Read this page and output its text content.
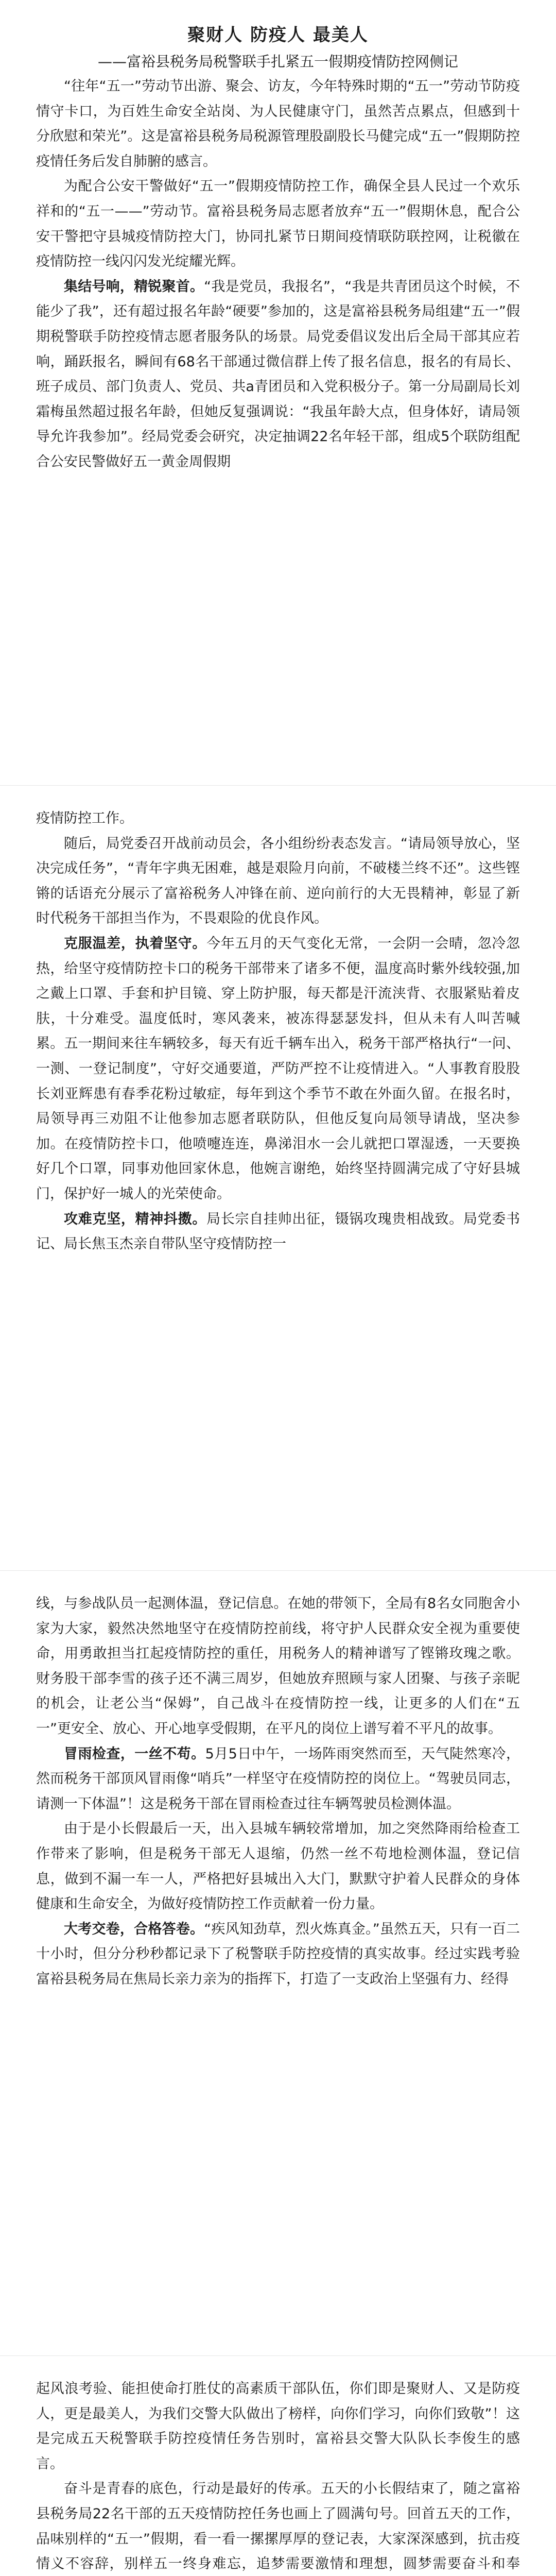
聚财人 防疫人 最美人

——富裕县税务局税警联手扎紧五一假期疫情防控网侧记

“往年“五一”劳动节出游、聚会、访友，今年特殊时期的“五一”劳动节防疫情守卡口，为百姓生命安全站岗、为人民健康守门，虽然苦点累点，但感到十分欣慰和荣光”。这是富裕县税务局税源管理股副股长马健完成“五一”假期防控疫情任务后发自肺腑的感言。

为配合公安干警做好“五一”假期疫情防控工作，确保全县人民过一个欢乐祥和的“五一——”劳动节。富裕县税务局志愿者放弃“五一”假期休息，配合公安干警把守县城疫情防控大门，协同扎紧节日期间疫情联防联控网，让税徽在疫情防控一线闪闪发光绽耀光辉。

集结号响，精锐聚首。“我是党员，我报名”，“我是共青团员这个时候，不能少了我”，还有超过报名年龄“硬要”参加的，这是富裕县税务局组建“五一”假期税警联手防控疫情志愿者服务队的场景。局党委倡议发出后全局干部其应若响，踊跃报名，瞬间有68名干部通过微信群上传了报名信息，报名的有局长、班子成员、部门负责人、党员、共a青团员和入党积极分子。第一分局副局长刘霜梅虽然超过报名年龄，但她反复强调说：“我虽年龄大点，但身体好，请局领导允许我参加”。经局党委会研究，决定抽调22名年轻干部，组成5个联防组配合公安民警做好五一黄金周假期

疫情防控工作。

随后，局党委召开战前动员会，各小组纷纷表态发言。“请局领导放心，坚决完成任务”，“青年字典无困难，越是艰险月向前，不破楼兰终不还”。这些铿锵的话语充分展示了富裕税务人冲锋在前、逆向前行的大无畏精神，彰显了新时代税务干部担当作为，不畏艰险的优良作风。

克服温差，执着坚守。今年五月的天气变化无常，一会阴一会晴，忽冷忽热，给坚守疫情防控卡口的税务干部带来了诸多不便，温度高时紫外线较强,加之戴上口罩、手套和护目镜、穿上防护服，每天都是汗流浃背、衣服紧贴着皮肤，十分难受。温度低时，寒风袭来，被冻得瑟瑟发抖，但从未有人叫苦喊累。五一期间来往车辆较多，每天有近千辆车出入，税务干部严格执行“一问、一测、一登记制度”，守好交通要道，严防严控不让疫情进入。“人事教育股股长刘亚辉患有春季花粉过敏症，每年到这个季节不敢在外面久留。在报名时，局领导再三劝阻不让他参加志愿者联防队，但他反复向局领导请战，坚决参加。在疫情防控卡口，他喷嚏连连，鼻涕泪水一会儿就把口罩湿透，一天要换好几个口罩，同事劝他回家休息，他婉言谢绝，始终坚持圆满完成了守好县城门，保护好一城人的光荣使命。

攻难克坚，精神抖擞。局长宗自挂帅出征，镊锅攻瑰贵相战致。局党委书记、局长焦玉杰亲自带队坚守疫情防控一

线，与参战队员一起测体温，登记信息。在她的带领下，全局有8名女同胞舍小家为大家，毅然决然地坚守在疫情防控前线，将守护人民群众安全视为重要使命，用勇敢担当扛起疫情防控的重任，用税务人的精神谱写了铿锵玫瑰之歌。财务股干部李雪的孩子还不满三周岁，但她放弃照顾与家人团聚、与孩子亲昵的机会，让老公当“保姆”，自己战斗在疫情防控一线，让更多的人们在“五一”更安全、放心、开心地享受假期，在平凡的岗位上谱写着不平凡的故事。

冒雨检查，一丝不苟。5月5日中午，一场阵雨突然而至，天气陡然寒冷，然而税务干部顶风冒雨像“哨兵”一样坚守在疫情防控的岗位上。“驾驶员同志，请测一下体温”！这是税务干部在冒雨检查过往车辆驾驶员检测体温。

由于是小长假最后一天，出入县城车辆较常增加，加之突然降雨给检查工作带来了影响，但是税务干部无人退缩，仍然一丝不苟地检测体温，登记信息，做到不漏一车一人，严格把好县城出入大门，默默守护着人民群众的身体健康和生命安全，为做好疫情防控工作贡献着一份力量。

大考交卷，合格答卷。“疾风知劲草，烈火炼真金。”虽然五天，只有一百二十小时，但分分秒秒都记录下了税警联手防控疫情的真实故事。经过实践考验富裕县税务局在焦局长亲力亲为的指挥下，打造了一支政治上坚强有力、经得

起风浪考验、能担使命打胜仗的高素质干部队伍，你们即是聚财人、又是防疫人，更是最美人，为我们交警大队做出了榜样，向你们学习，向你们致敬”！这是完成五天税警联手防控疫情任务告别时，富裕县交警大队队长李俊生的感言。

奋斗是青春的底色，行动是最好的传承。五天的小长假结束了，随之富裕县税务局22名干部的五天疫情防控任务也画上了圆满句号。回首五天的工作，品味别样的“五一”假期，看一看一摞摞厚厚的登记表，大家深深感到，抗击疫情义不容辞，别样五一终身难忘，追梦需要激情和理想，圆梦需要奋斗和奉
